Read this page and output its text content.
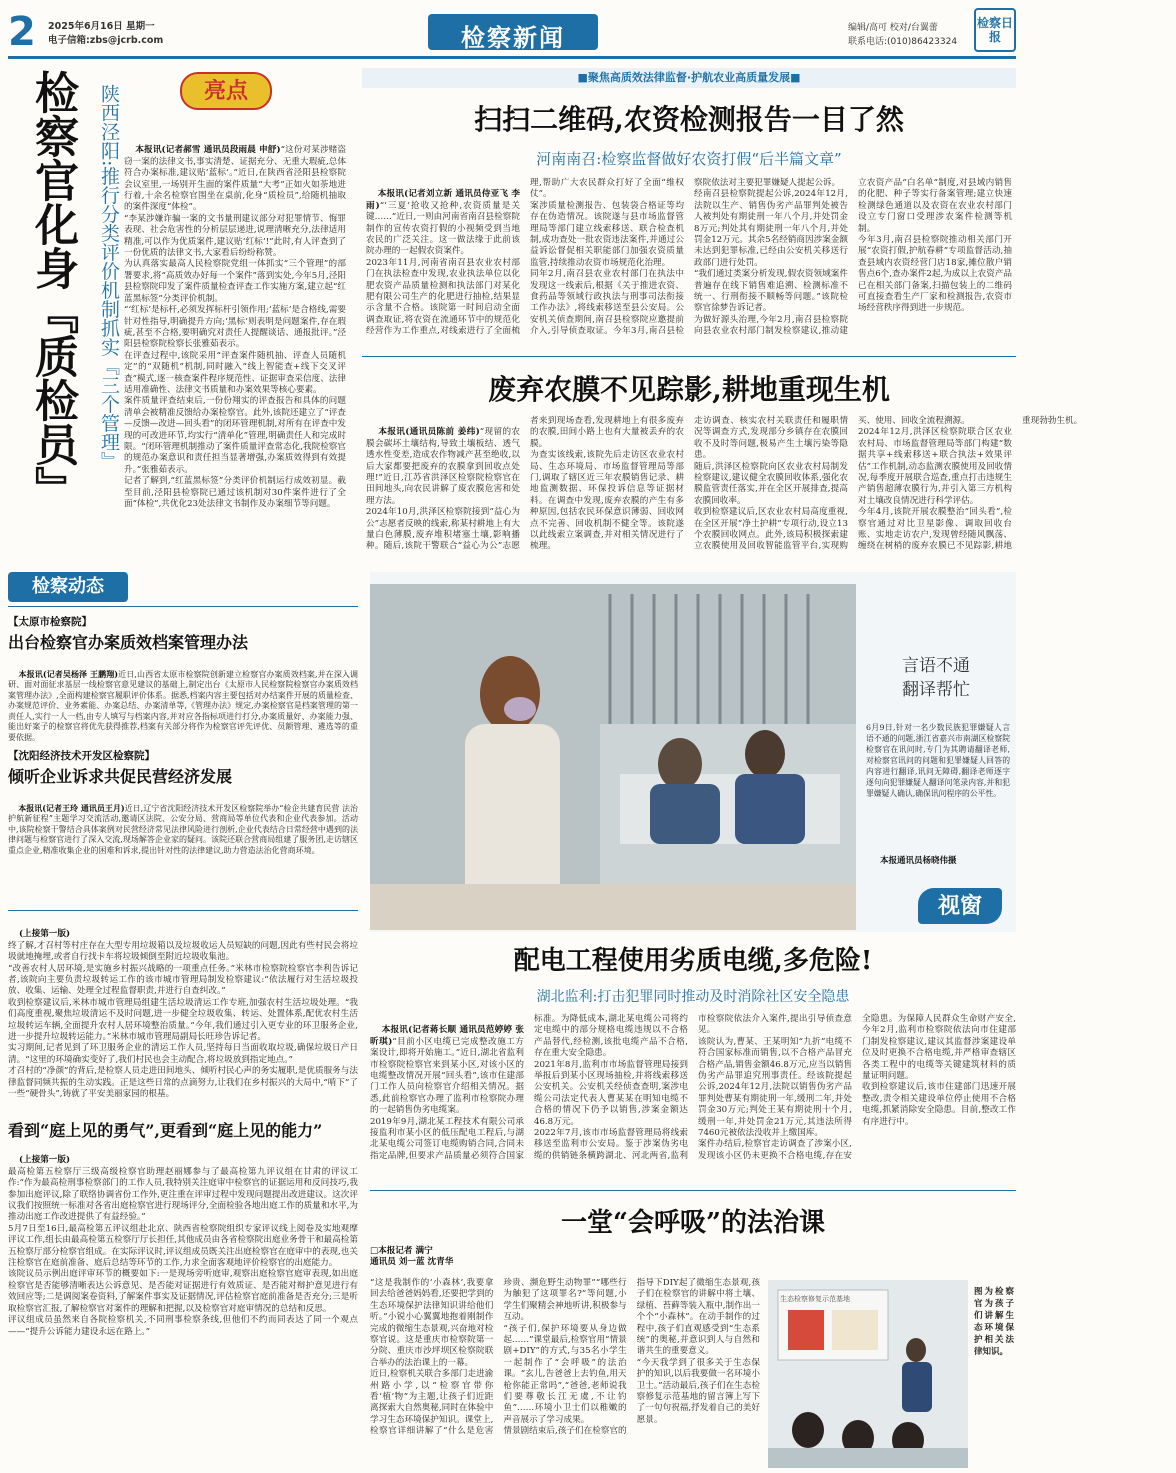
2 2025年6月16日 星期一
电子信箱:zbs@jcrb.com	检察新闻	编辑/高可 校对/台翼蕾
联系电话:(010)86423324
检察日报
检察官化身『质检员』	陕西泾阳:推行分类评价机制抓实『三个管理』	亮点

本报讯(记者郝雪 通讯员段雨晨 申舒)“这份对某涉赌盗窃一案的法律文书,事实清楚、证据充分、无重大瑕疵,总体符合办案标准,建议贴‘蓝标’。”近日,在陕西省泾阳县检察院会议室里,一场别开生面的案件质量“大考”正如火如荼地进行着,十余名检察官围坐在桌前,化身“质检员”,给随机抽取的案件深度“体检”。
“李某涉嫌诈骗一案的文书量刑建议部分对犯罪情节、悔罪表现、社会危害性的分析层层递进,说理清晰充分,法律适用精准,可以作为优质案件,建议贴‘红标’!”此时,有人评查到了一份优质的法律文书,大家看后纷纷称赞。
为认真落实最高人民检察院党组一体抓实“三个管理”的部署要求,将“高质效办好每一个案件”落到实处,今年5月,泾阳县检察院印发了案件质量检查评查工作实施方案,建立起“红蓝黑标签”分类评价机制。
“‘红标’是标杆,必须发挥标杆引领作用;‘蓝标’是合格线,需要针对性指导,明确提升方向;‘黑标’则表明是问题案件,存在瑕疵,甚至不合格,要明确究对责任人提醒谈话、通报批评。”泾阳县检察院检察长张雅茹表示。
在评查过程中,该院采用“评查案件随机抽、评查人员随机定”的“双随机”机制,同时融入“线上智能查+线下交叉评查”模式,逐一核查案件程序规范性、证据审查采信度、法律适用准确性、法律文书质量和办案效果等核心要素。
案件质量评查结束后,一份份翔实的评查报告和具体的问题清单会被精准反馈给办案检察官。此外,该院还建立了“评查—反馈—改进—回头看”的闭环管理机制,对所有在评查中发现的可改进环节,均实行“清单化”管理,明确责任人和完成时限。“闭环管理机制推动了案件质量评查常态化,我院检察官的规范办案意识和责任担当显著增强,办案质效得到有效提升。”张雅茹表示。
记者了解到,“红蓝黑标签”分类评价机制运行成效初显。截至目前,泾阳县检察院已通过该机制对30件案件进行了全面“体检”,共优化23处法律文书制作及办案细节等问题。

■聚焦高质效法律监督·护航农业高质量发展■
扫扫二维码,农资检测报告一目了然
河南南召:检察监督做好农资打假“后半篇文章”

本报讯(记者刘立新 通讯员侍亚飞 李雨)“‘三夏’抢收又抢种,农资质量是关键……”近日,一则由河南省南召县检察院制作的宣传农资打假的小视频受到当地农民的广泛关注。这一做法缘于此前该院办理的一起假农资案件。
2023年11月,河南省南召县农业农村部门在执法检查中发现,农业执法单位以化肥农资产品质量检测和执法部门对某化肥有限公司生产的化肥进行抽检,结果显示含量不合格。该院第一时间启动全面调查取证,将农资在流通环节中的规范化经营作为工作重点,对线索进行了全面梳理,帮助广大农民群众打好了全面“维权仗”。
案涉质量检测报告、包装袋合格证等均存在伪造情况。该院遂与县市场监督管理局等部门建立线索移送、联合检查机制,成功查处一批农资违法案件,并通过公益诉讼督促相关职能部门加强农资质量监管,持续推动农资市场规范化治理。
同年2月,南召县农业农村部门在执法中发现这一线索后,根据《关于推进农资、食药品等领域行政执法与刑事司法衔接工作办法》,将线索移送至县公安局。公安机关侦查期间,南召县检察院应邀提前介入,引导侦查取证。今年3月,南召县检察院依法对主要犯罪嫌疑人提起公诉。
经南召县检察院提起公诉,2024年12月,法院以生产、销售伪劣产品罪判处被告人被判处有期徒刑一年八个月,并处罚金8万元;判处其有期徒刑一年八个月,并处罚金12万元。其余5名经销商因涉案金额未达到犯罪标准,已经由公安机关移送行政部门进行处罚。
“我们通过类案分析发现,假农资领域案件普遍存在线下销售难追溯、检测标准不统一、行刑衔接不顺畅等问题。”该院检察官徐梦告诉记者。
为做好源头治理,今年2月,南召县检察院向县农业农村部门制发检察建议,推动建立农资产品“白名单”制度,对县域内销售的化肥、种子等实行备案管理;建立快速检测绿色通道以及农资在农业农村部门设立专门窗口受理涉农案件检测等机制。
今年3月,南召县检察院推动相关部门开展“农资打假,护航春耕”专项监督活动,抽查县域内农资经营门店18家,摊位散户销售点6个,查办案件2起,为成以上农资产品已在相关部门备案,扫描包装上的二维码可直接查看生产厂家和检测报告,农资市场经营秩序得到进一步规范。

废弃农膜不见踪影,耕地重现生机

本报讯(通讯员陈前 姜纬)“现留的农膜会碳坏土壤结构,导致土壤板结、透气透水性变差,造成农作物减产甚至绝收,以后大家都要把废弃的农膜拿到回收点处理!”近日,江苏省洪泽区检察院检察官在田间地头,向农民讲解了废农膜危害和处理方法。
2024年10月,洪泽区检察院接到“益心为公”志愿者反映的线索,称某村耕地上有大量白色薄膜,废弃堆积堵塞土壤,影响播种。随后,该院干警联合“益心为公”志愿者来到现场查看,发现耕地上有很多废弃的农膜,田间小路上也有大量被丢弃的农膜。
为查实该线索,该院先后走访区农业农村局、生态环境局、市场监督管理局等部门,调取了辖区近三年农膜销售记录、耕地监测数据、环保投诉信息等证据材料。在调查中发现,废弃农膜的产生有多种原因,包括农民环保意识薄弱、回收网点不完善、回收机制不健全等。该院遂以此线索立案调查,并对相关情况进行了梳理。
走访调查、核实农村关联责任和履职情况等调查方式,发现部分乡镇存在农膜回收不及时等问题,极易产生土壤污染等隐患。
随后,洪泽区检察院向区农业农村局制发检察建议,建议健全农膜回收体系,强化农膜监管责任落实,并在全区开展排查,提高农膜回收率。
收到检察建议后,区农业农村局高度重视,在全区开展“净土护耕”专项行动,设立13个农膜回收网点。此外,该局积极探索建立农膜使用及回收智能监管平台,实现购买、使用、回收全流程溯源。
2024年12月,洪泽区检察院联合区农业农村局、市场监督管理局等部门构建“数据共享+线索移送+联合执法+效果评估”工作机制,动态监测农膜使用及回收情况,每季度开展联合巡查,重点打击违规生产销售超薄农膜行为,并引入第三方机构对土壤改良情况进行科学评估。
今年4月,该院开展农膜整治“回头看”,检察官通过对比卫星影像、调取回收台账、实地走访农户,发现曾经随风飘荡、缠绕在树梢的废弃农膜已不见踪影,耕地重现勃勃生机。

检察动态
【太原市检察院】
出台检察官办案质效档案管理办法

本报讯(记者吴杨泽 王鹏翔)近日,山西省太原市检察院创新建立检察官办案质效档案,并在深入调研、面对面征求基层一线检察官意见建议的基础上,制定出台《太原市人民检察院检察官办案质效档案管理办法》,全面构建检察官履职评价体系。据悉,档案内容主要包括对办结案件开展的质量检查、办案规范评价、业务素能、办案总结、办案清单等,《管理办法》规定,办案检察官是档案管理的第一责任人,实行一人一档,由专人填写与档案内容,并对应各指标项进行打分,办案质量好、办案能力强、能出好案子的检察官将优先获得推荐,档案有关部分将作为检察官评先评优、员额管理、遴选等的重要依据。

【沈阳经济技术开发区检察院】
倾听企业诉求共促民营经济发展

本报讯(记者王玲 通讯员王月)近日,辽宁省沈阳经济技术开发区检察院举办“检企共建育民营 法治护航新征程”主题学习交流活动,邀请区法院、公安分局、营商局等单位代表和企业代表参加。活动中,该院检察干警结合具体案例对民营经济常见法律风险进行剖析,企业代表结合日常经营中遇到的法律问题与检察官进行了深入交流,现场解答企业家的疑问。该院还联合营商局组建了服务团,走访辖区重点企业,精准收集企业的困难和诉求,提出针对性的法律建议,助力营造法治化营商环境。

(上接第一版)
终了解,才召村等村庄存在大型专用垃圾箱以及垃圾收运人员短缺的问题,因此有些村民会将垃圾就地掩埋,或者自行找卡车将垃圾倾倒至附近垃圾收集池。
“改善农村人居环境,是实施乡村振兴战略的一项重点任务。”米林市检察院检察官李利告诉记者,该院向主要负责垃圾转运工作的该市城市管理局制发检察建议:“依法履行对生活垃圾投放、收集、运输、处理全过程监督职责,并进行自查纠改。”
收到检察建议后,米林市城市管理局组建生活垃圾清运工作专班,加强农村生活垃圾处理。“我们高度重视,聚焦垃圾清运不及时问题,进一步健全垃圾收集、转运、处置体系,配优农村生活垃圾转运车辆,全面提升农村人居环境整治质量。”今年,我们通过引入更专业的环卫服务企业,进一步提升垃圾转运能力。”米林市城市管理局副局长旺珍告诉记者。
实习期间,记者见到了环卫服务企业的清运工作人员,坚持每日当面收取垃圾,确保垃圾日产日清。“这里的环境确实变好了,我们村民也会主动配合,将垃圾放到指定地点。”
才召村的“净颜”的背后,是检察人员走进田间地头、倾听村民心声的务实履职,是优质服务与法律监督同频共振的生动实践。正是这些日常的点滴努力,让我们在乡村振兴的大局中,“啃下”了一些“硬骨头”,铸就了平安美丽家园的根基。

看到“庭上见的勇气”,更看到“庭上见的能力”

(上接第一版)
最高检第五检察厅三级高级检察官助理赵丽娜参与了最高检第九评议组在甘肃的评议工作:“作为最高检刑事检察部门的工作人员,我特别关注庭审中检察官的证据运用和反问技巧,我参加出庭评议,除了联络协调省份工作外,更注重在评审过程中发现问题提出改进建议。这次评议我们按照统一标准对各省出庭检察官进行现场评分,全面检验各地出庭工作的质量和水平,为推动出庭工作改进提供了有益经验。”
5月7日至16日,最高检第五评议组赴北京、陕西省检察院组织专家评议线上阅卷及实地观摩评议工作,组长由最高检第五检察厅厅长担任,其他成员由各省检察院出庭业务骨干和最高检第五检察厅部分检察官组成。在实际评议时,评议组成员既关注出庭检察官在庭审中的表现,也关注检察官在庭前准备、庭后总结等环节的工作,力求全面客观地评价检察官的出庭能力。
该院议员示例出庭评审环节的概要如下:一是现场旁听庭审,观察出庭检察官庭审表现,如出庭检察官是否能够清晰表达公诉意见、是否能对证据进行有效质证、是否能对辩护意见进行有效回应等;二是调阅案卷资料,了解案件事实及证据情况,评估检察官庭前准备是否充分;三是听取检察官汇报,了解检察官对案件的理解和把握,以及检察官对庭审情况的总结和反思。
评议组成员虽然来自各院检察机关,不同刑事检察条线,但他们不约而同表达了同一个观点——“提升公诉能力建设永远在路上。”

言语不通
翻译帮忙
6月9日,针对一名少数民族犯罪嫌疑人言语不通的问题,浙江省嘉兴市南湖区检察院检察官在讯问时,专门为其聘请翻译老师,对检察官讯问的问题和犯罪嫌疑人回答的内容进行翻译,讯问无障碍,翻译老师逐字逐句向犯罪嫌疑人翻译问笔录内容,并和犯罪嫌疑人确认,确保讯问程序的公平性。
本报通讯员杨晓伟摄
视窗
配电工程使用劣质电缆,多危险!
湖北监利:打击犯罪同时推动及时消除社区安全隐患

本报讯(记者蒋长顺 通讯员范婷婷 张昕琪)“目前小区电缆已完成整改施工方案设计,即将开始施工。”近日,湖北省监利市检察院检察官来到某小区,对该小区的电缆整改情况开展“回头看”,该市住建部门工作人员向检察官介绍相关情况。据悉,此前检察官办理了监利市检察院办理的一起销售伪劣电缆案。
2019年9月,湖北某工程技术有限公司承接监利市某小区的低压配电工程后,与湖北某电缆公司签订电缆购销合同,合同未指定品牌,但要求产品质量必须符合国家标准。为降低成本,湖北某电缆公司将约定电缆中的部分规格电缆违规以不合格产品替代,经检测,该批电缆产品不合格,存在重大安全隐患。
2021年8月,监利市市场监督管理局接到举报后到某小区现场抽检,并将线索移送公安机关。公安机关经侦查查明,案涉电缆公司法定代表人曹某某在明知电缆不合格的情况下仍予以销售,涉案金额达46.8万元。
2022年7月,该市市场监督管理局将线索移送至监利市公安局。鉴于涉案伪劣电缆的供销链条横跨湖北、河北两省,监利市检察院依法介入案件,提出引导侦查意见。
该院认为,曹某、王某明知“九折”电缆不符合国家标准而销售,以不合格产品冒充合格产品,销售金额46.8万元,应当以销售伪劣产品罪追究刑事责任。经该院提起公诉,2024年12月,法院以销售伪劣产品罪判处曹某有期徒刑一年,缓刑二年,并处罚金30万元;判处王某有期徒刑十个月,缓刑一年,并处罚金21万元,其违法所得7460元被依法没收并上缴国库。
案件办结后,检察官走访调查了涉案小区,发现该小区仍未更换不合格电缆,存在安全隐患。为保障人民群众生命财产安全,今年2月,监利市检察院依法向市住建部门制发检察建议,建议其监督涉案建设单位及时更换不合格电缆,并严格审查辖区各类工程中的电缆等关键建筑材料的质量证明问题。
收到检察建议后,该市住建部门迅速开展整改,责令相关建设单位停止使用不合格电缆,抓紧消除安全隐患。目前,整改工作有序进行中。

一堂“会呼吸”的法治课
□本报记者 满宁
通讯员 刘一蓝 沈青华
“这是我制作的‘小森林’,我要拿回去给爸爸妈妈看,还要把学到的生态环境保护法律知识讲给他们听。”小锐小心翼翼地抱着刚制作完成的微缩生态景观,兴奋地对检察官说。这是重庆市检察院第一分院、重庆市沙坪坝区检察院联合举办的法治课上的一幕。
近日,检察机关联合多部门走进渝州路小学,以“检察官带你看‘植’物”为主题,让孩子们近距离探索大自然奥秘,同时在体验中学习生态环境保护知识。课堂上,检察官详细讲解了“什么是危害珍贵、濒危野生动物罪”“哪些行为触犯了这项罪名?”等问题,小学生们聚精会神地听讲,积极参与互动。
“孩子们,保护环境要从身边做起……”课堂最后,检察官用“情景剧+DIY”的方式,与35名小学生一起制作了“会呼吸”的法治课。“玄儿,告爸爸上去钓鱼,用天枪你能正常吗”,“爸爸,老师说我们要尊敬长江无虞,不让钓鱼”……环境小卫士们以稚嫩的声音展示了学习成果。
情景剧结束后,孩子们在检察官的指导下DIY起了微缩生态景观,孩子们在检察官的讲解中将土壤、绿植、苔藓等装入瓶中,制作出一个个“小森林”。在动手制作的过程中,孩子们直观感受到“生态系统”的奥秘,并意识到人与自然和谐共生的重要意义。
“今天我学到了很多关于生态保护的知识,以后我要做一名环境小卫士。”活动最后,孩子们在生态检察修复示范基地的留言簿上写下了一句句祝福,抒发着自己的美好愿景。
生态检察修复示范基地
图为检察官为孩子们讲解生态环境保护相关法律知识。
